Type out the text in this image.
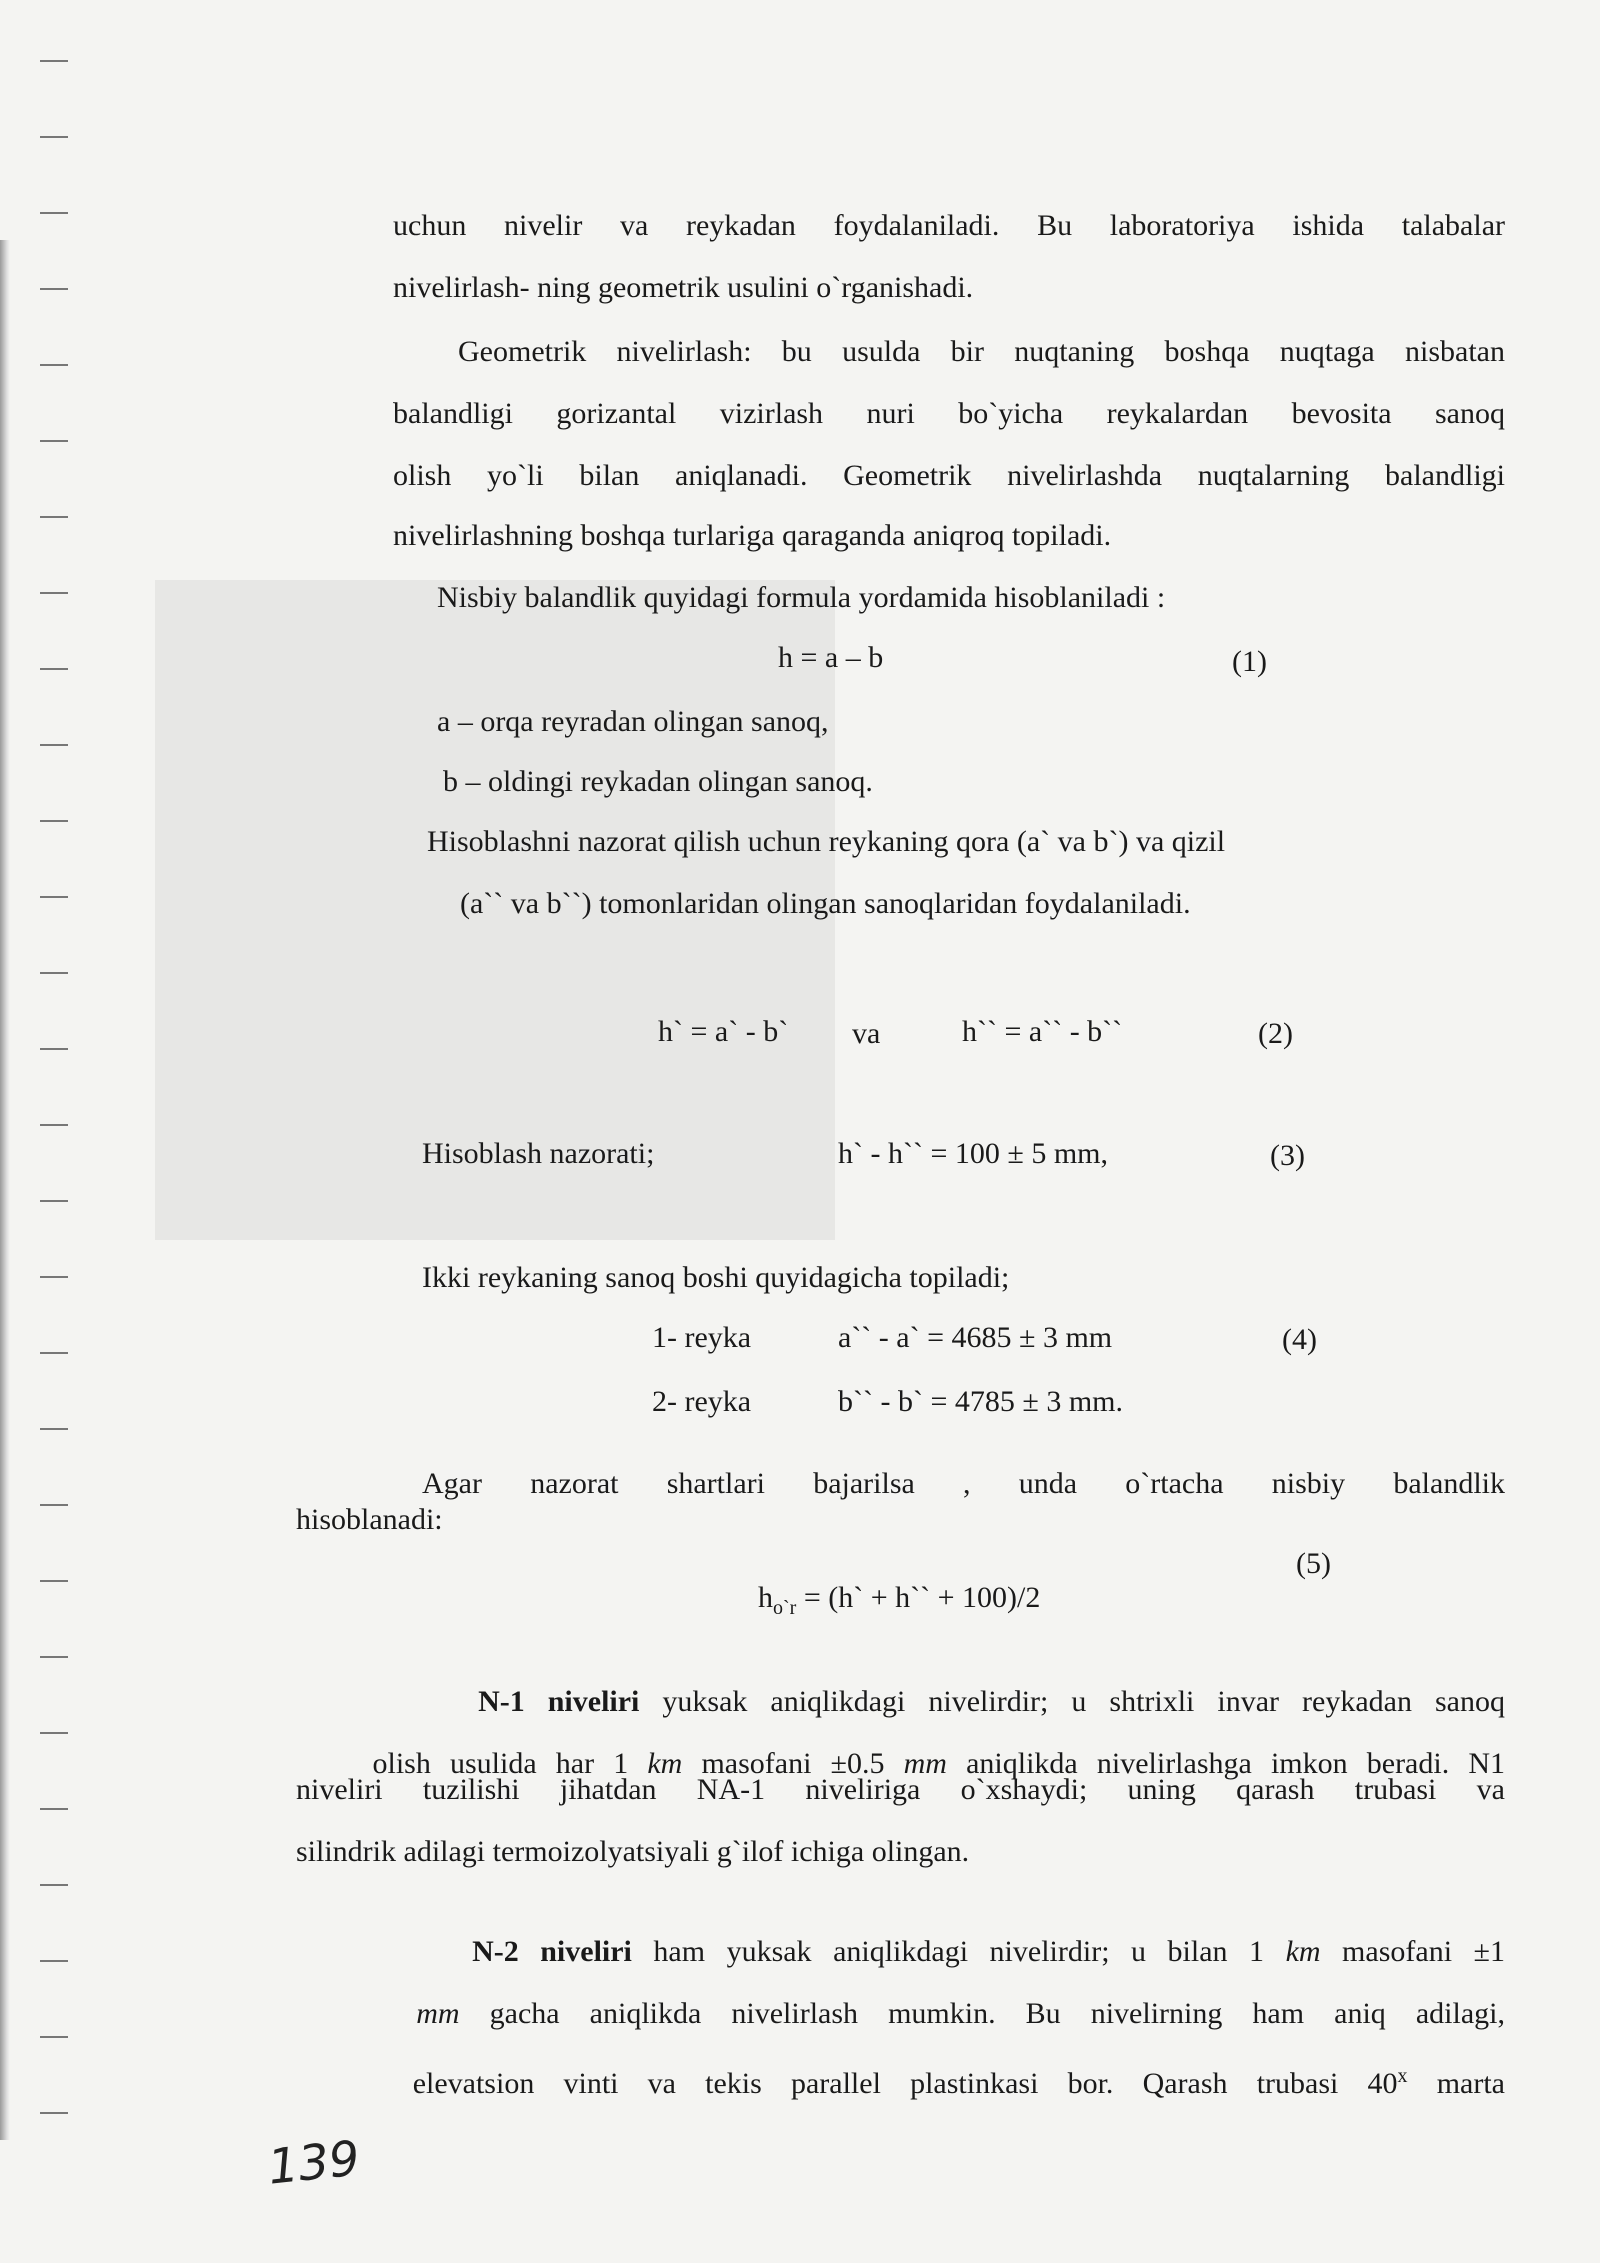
uchun nivelir va reykadan foydalaniladi. Bu laboratoriya ishida talabalar
nivelirlash- ning geometrik usulini o`rganishadi.
Geometrik nivelirlash: bu usulda bir nuqtaning boshqa nuqtaga nisbatan
balandligi gorizantal vizirlash nuri bo`yicha reykalardan bevosita sanoq
olish yo`li bilan aniqlanadi. Geometrik nivelirlashda nuqtalarning balandligi
nivelirlashning boshqa turlariga qaraganda aniqroq topiladi.
Nisbiy balandlik quyidagi formula yordamida hisoblaniladi :
h = a – b	(1)
a – orqa reyradan olingan sanoq,
b – oldingi reykadan olingan sanoq.
Hisoblashni nazorat qilish uchun reykaning qora (a` va b`) va qizil
(a`` va b``) tomonlaridan olingan sanoqlaridan foydalaniladi.
h` = a` - b` va	h`` = a`` - b``	(2)
Hisoblash nazorati;	h` - h`` = 100 ± 5 mm,	(3)
Ikki reykaning sanoq boshi quyidagicha topiladi;
1- reyka	a`` - a` = 4685 ± 3 mm	(4)
2- reyka	b`` - b` = 4785 ± 3 mm.
Agar nazorat shartlari bajarilsa , unda o`rtacha nisbiy balandlik
hisoblanadi:

$h_{o`r}$ = (h` + h`` + 100)/2

(5)

N-1 niveliri yuksak aniqlikdagi nivelirdir; u shtrixli invar reykadan sanoq

olish usulida har 1 km masofani ±0.5 mm aniqlikda nivelirlashga imkon beradi. N1

niveliri tuzilishi jihatdan NA-1 niveliriga o`xshaydi; uning qarash trubasi va
silindrik adilagi termoizolyatsiyali g`ilof ichiga olingan.

N-2 niveliri ham yuksak aniqlikdagi nivelirdir; u bilan 1 km masofani ±1

mm gacha aniqlikda nivelirlash mumkin. Bu nivelirning ham aniq adilagi,

elevatsion vinti va tekis parallel plastinkasi bor. Qarash trubasi 40$^x$ marta

139
